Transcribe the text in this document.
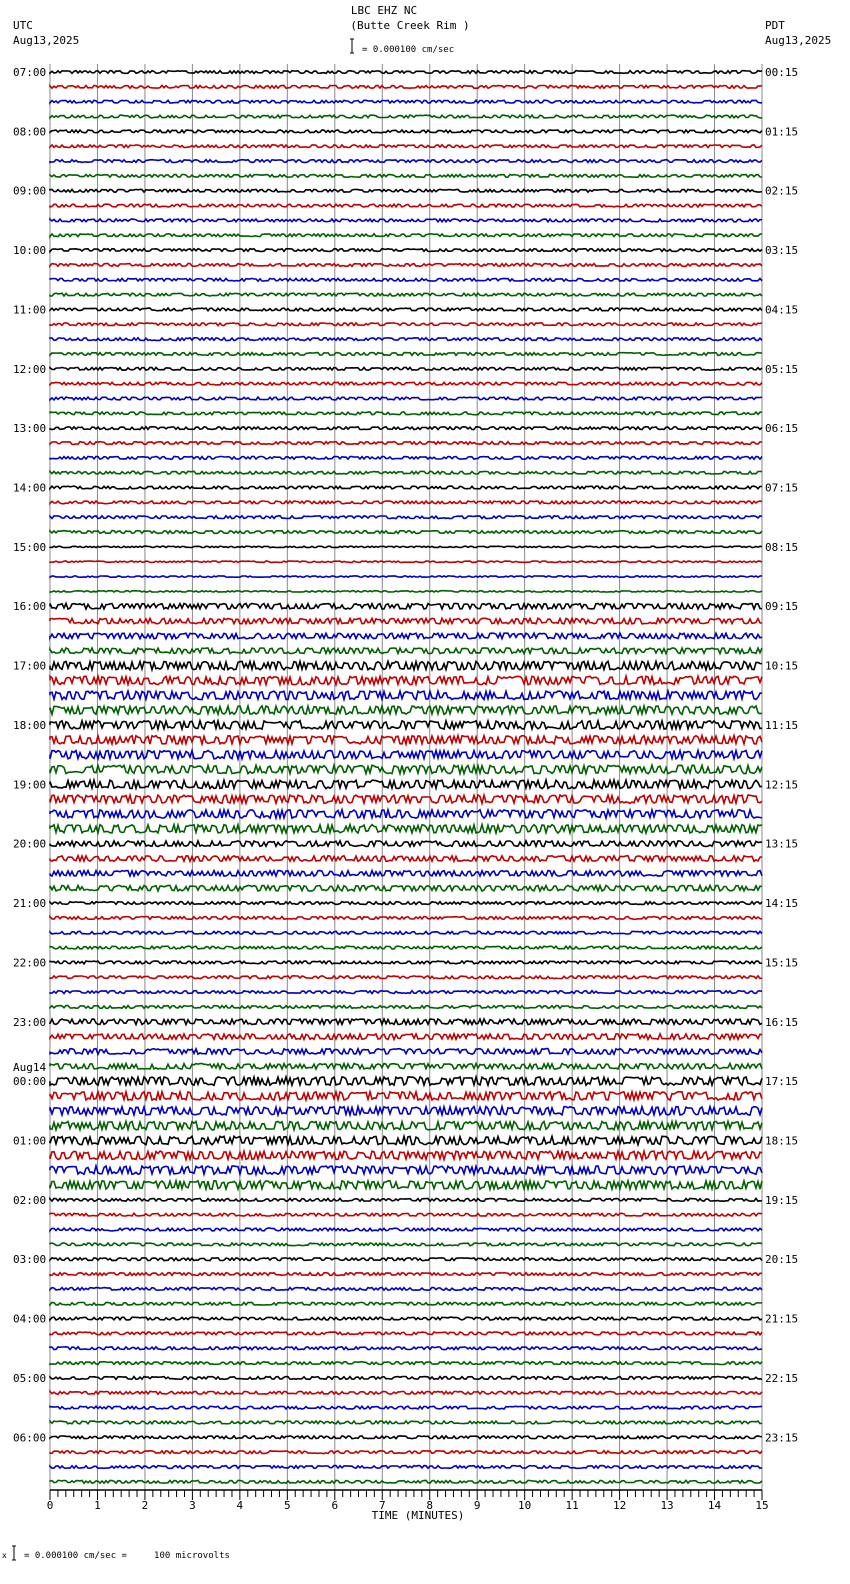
LBC EHZ NC
(Butte Creek Rim )
UTC
Aug13,2025
PDT
Aug13,2025
= 0.000100 cm/sec
07:00
08:00
09:00
10:00
11:00
12:00
13:00
14:00
15:00
16:00
17:00
18:00
19:00
20:00
21:00
22:00
23:00
00:00
Aug14
01:00
02:00
03:00
04:00
05:00
06:00
00:15
01:15
02:15
03:15
04:15
05:15
06:15
07:15
08:15
09:15
10:15
11:15
12:15
13:15
14:15
15:15
16:15
17:15
18:15
19:15
20:15
21:15
22:15
23:15
0	1	2	3	4	5	6	7	8	9	10	11	12	13	14	15
TIME (MINUTES)
x = 0.000100 cm/sec =     100 microvolts
